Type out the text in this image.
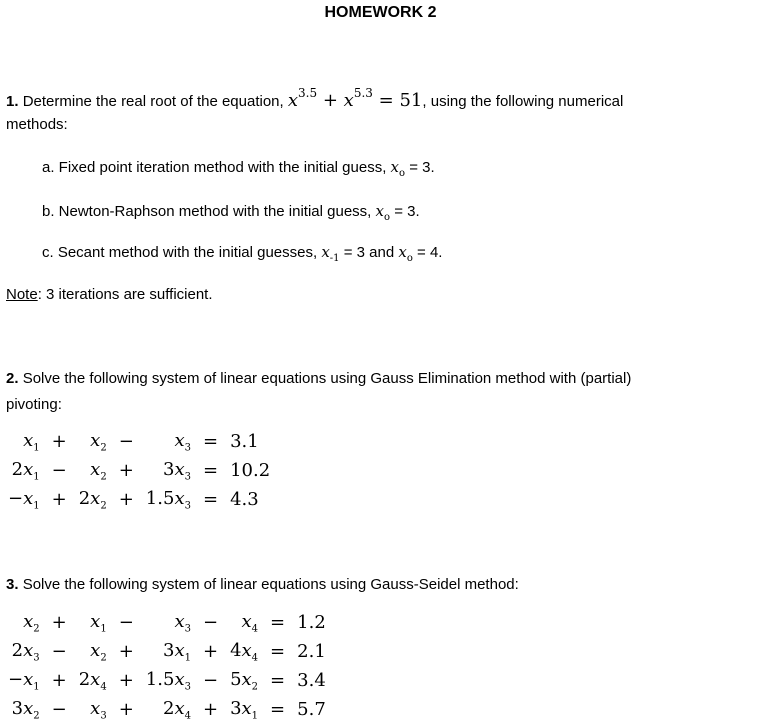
HOMEWORK 2
1. Determine the real root of the equation, $x^{3.5} + x^{5.3} = 51$, using the following numerical
methods:
a. Fixed point iteration method with the initial guess, $x_o = 3$.
b. Newton-Raphson method with the initial guess, $x_o = 3$.
c. Secant method with the initial guesses, $x_{-1} = 3$ and $x_o = 4$.
Note: 3 iterations are sufficient.
2. Solve the following system of linear equations using Gauss Elimination method with (partial)
pivoting:
$x_1$	+	$x_2$	−	$x_3$	=	3.1
$2x_1$	−	$x_2$	+	$3x_3$	=	10.2
$-x_1$	+	$2x_2$	+	$1.5x_3$	=	4.3
3. Solve the following system of linear equations using Gauss-Seidel method:
$x_2$	+	$x_1$	−	$x_3$	−	$x_4$	=	1.2
$2x_3$	−	$x_2$	+	$3x_1$	+	$4x_4$	=	2.1
$-x_1$	+	$2x_4$	+	$1.5x_3$	−	$5x_2$	=	3.4
$3x_2$	−	$x_3$	+	$2x_4$	+	$3x_1$	=	5.7
